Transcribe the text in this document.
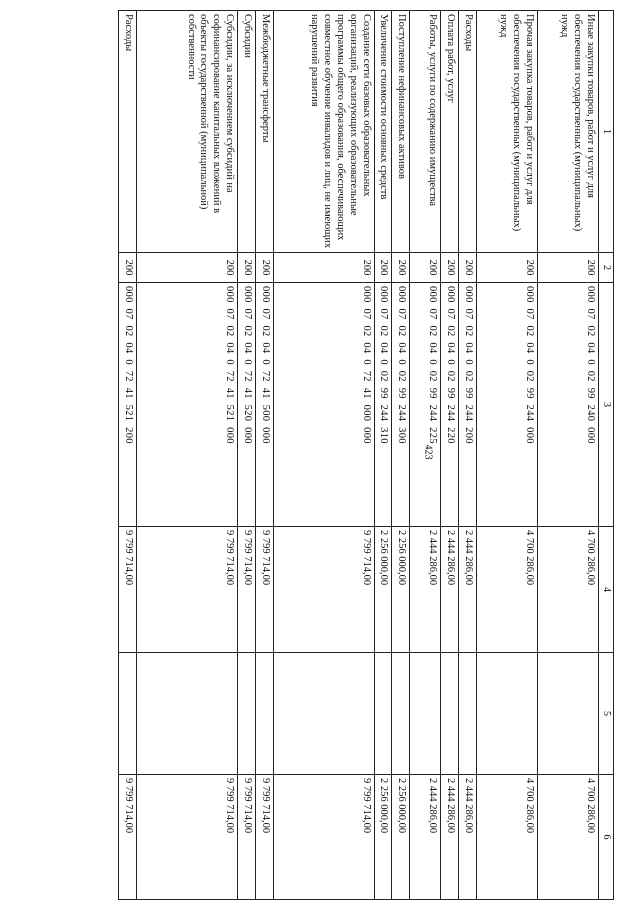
423
1	2	3	4	5	6
Иные закупки товаров, работ и услуг для обеспечения государственных (муниципальных) нужд	200	000  07  02  04  0  02  99  240  000	4 700 286,00		4 700 286,00
Прочая закупка товаров, работ и услуг для обеспечения государственных (муниципальных) нужд	200	000  07  02  04  0  02  99  244  000	4 700 286,00		4 700 286,00
Расходы	200	000  07  02  04  0  02  99  244  200	2 444 286,00		2 444 286,00
Оплата работ, услуг	200	000  07  02  04  0  02  99  244  220	2 444 286,00		2 444 286,00
Работы, услуги по содержанию имущества	200	000  07  02  04  0  02  99  244  225	2 444 286,00		2 444 286,00
Поступление нефинансовых активов	200	000  07  02  04  0  02  99  244  300	2 256 000,00		2 256 000,00
Увеличение стоимости основных средств	200	000  07  02  04  0  02  99  244  310	2 256 000,00		2 256 000,00
Создание сети базовых образовательных организаций, реализующих образовательные программы общего образования, обеспечивающих совместное обучение инвалидов и лиц, не имеющих нарушений развития	200	000  07  02  04  0  72  41  000  000	9 799 714,00		9 799 714,00
Межбюджетные трансферты	200	000  07  02  04  0  72  41  500  000	9 799 714,00		9 799 714,00
Субсидии	200	000  07  02  04  0  72  41  520  000	9 799 714,00		9 799 714,00
Субсидии, за исключением субсидий на софинансирование капитальных вложений в объекты государственной (муниципальной) собственности	200	000  07  02  04  0  72  41  521  000	9 799 714,00		9 799 714,00
Расходы	200	000  07  02  04  0  72  41  521  200	9 799 714,00		9 799 714,00
